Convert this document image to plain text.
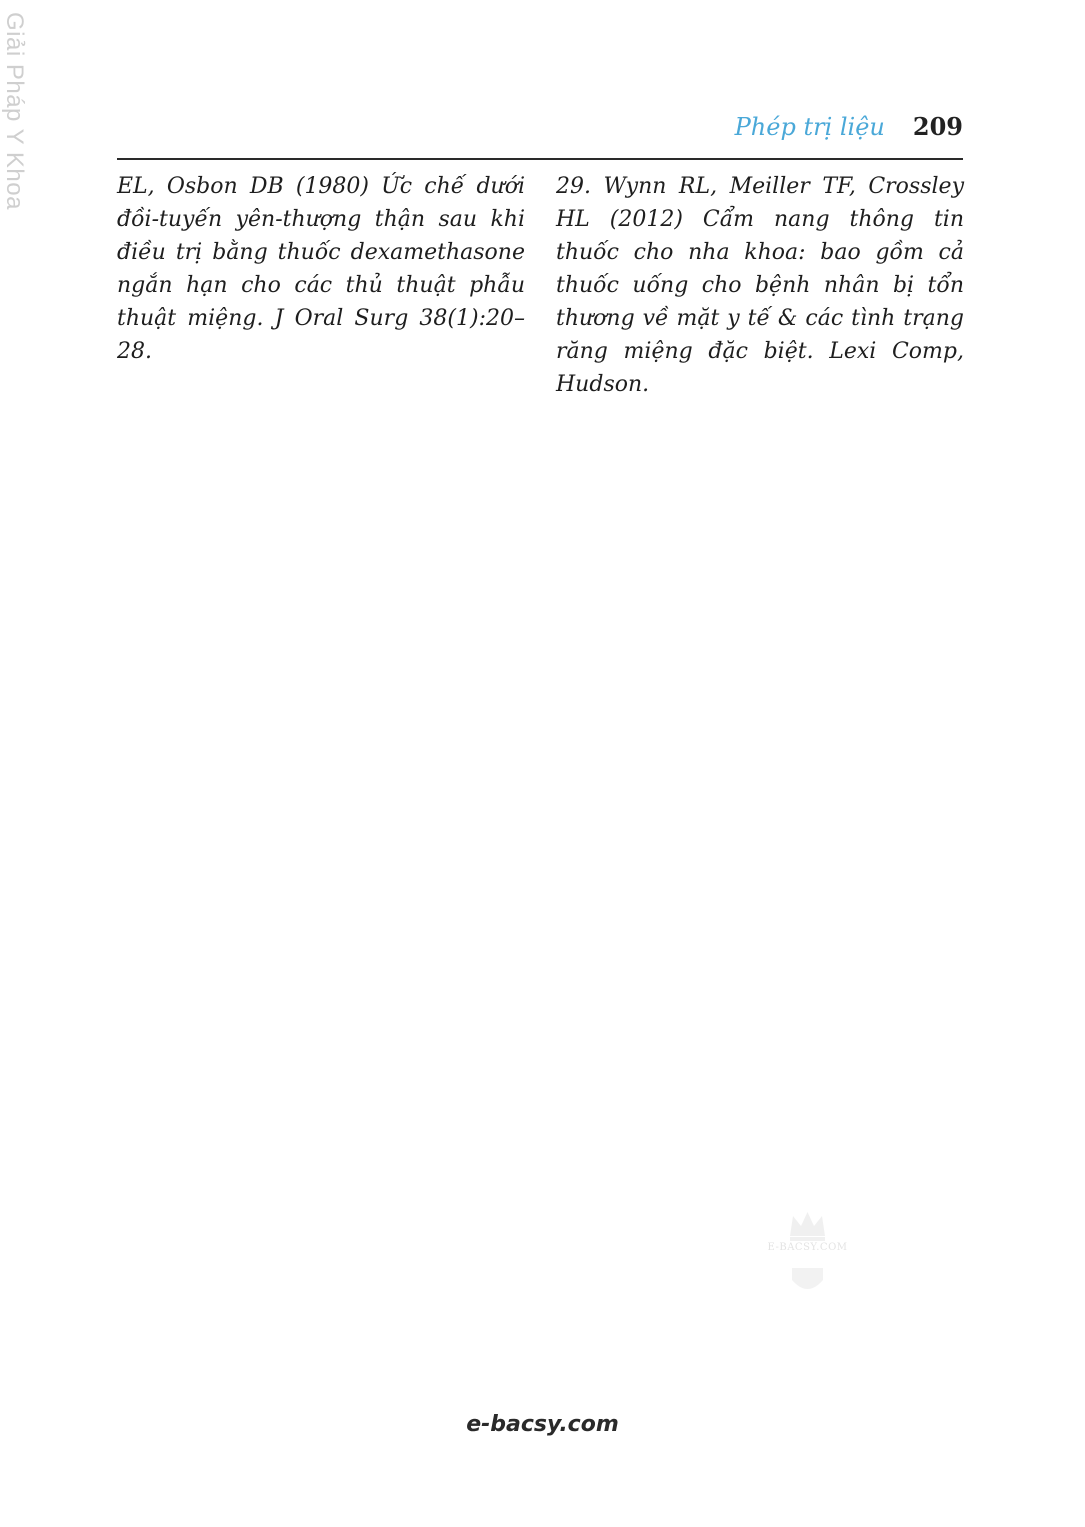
Giải Pháp Y Khoa	Phép trị liệu 209

EL, Osbon DB (1980) Ức chế dưới đồi-tuyến yên-thượng thận sau khi điều trị bằng thuốc dexamethasone ngắn hạn cho các thủ thuật phẫu thuật miệng. J Oral Surg 38(1):20–28.

29. Wynn RL, Meiller TF, Crossley HL (2012) Cẩm nang thông tin thuốc cho nha khoa: bao gồm cả thuốc uống cho bệnh nhân bị tổn thương về mặt y tế & các tình trạng răng miệng đặc biệt. Lexi Comp, Hudson.

E-BACSY.COM
e-bacsy.com
